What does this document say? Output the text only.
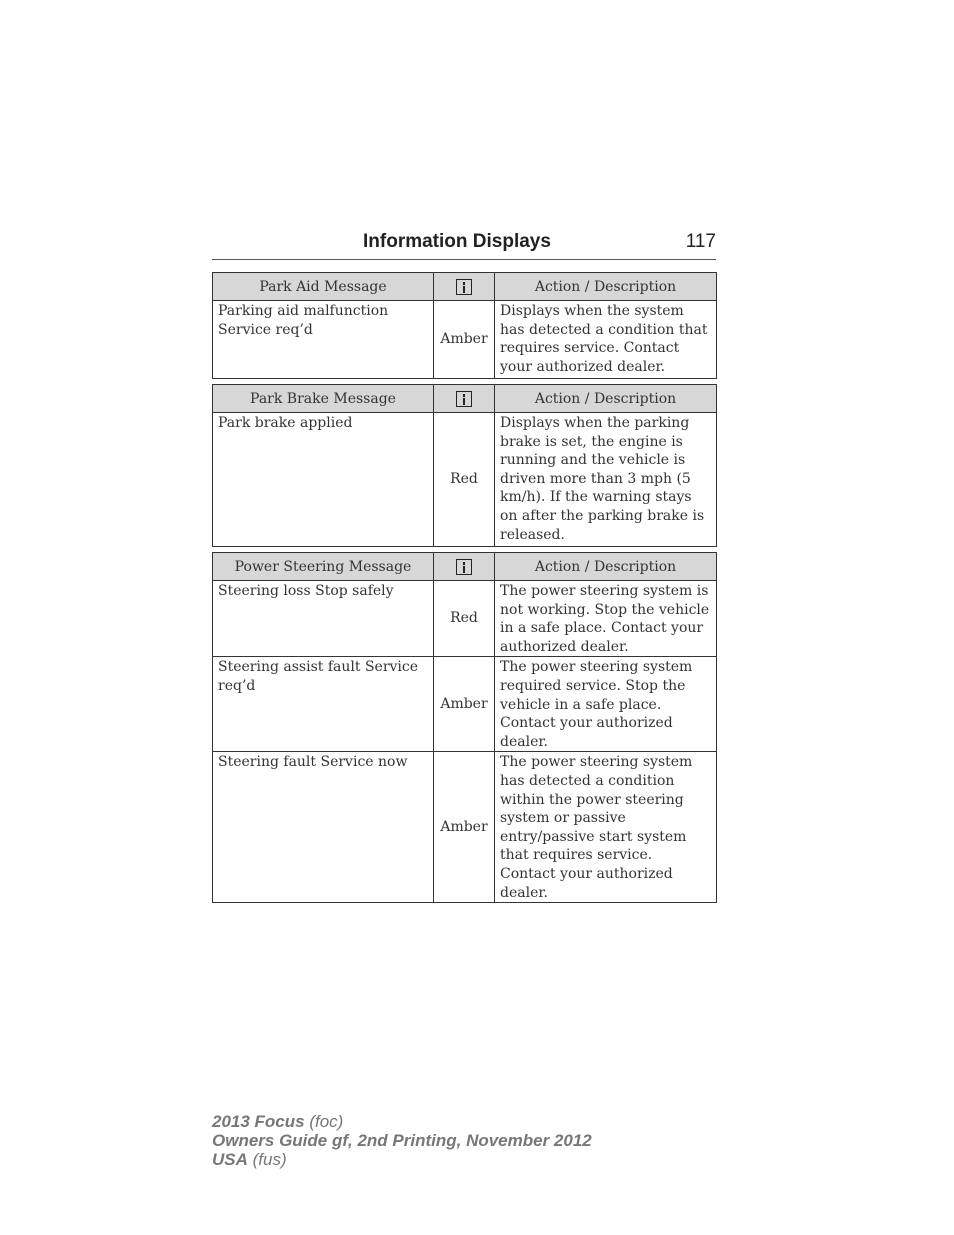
Information Displays	117
Park Aid Message		Action / Description
Parking aid malfunction Service req’d	Amber	Displays when the system has detected a condition that requires service. Contact your authorized dealer.
Park Brake Message		Action / Description
Park brake applied	Red	Displays when the parking brake is set, the engine is running and the vehicle is driven more than 3 mph (5 km/h). If the warning stays on after the parking brake is released.
Power Steering Message		Action / Description
Steering loss Stop safely	Red	The power steering system is not working. Stop the vehicle in a safe place. Contact your authorized dealer.
Steering assist fault Service req’d	Amber	The power steering system required service. Stop the vehicle in a safe place. Contact your authorized dealer.
Steering fault Service now	Amber	The power steering system has detected a condition within the power steering system or passive entry/passive start system that requires service. Contact your authorized dealer.
2013 Focus (foc)
Owners Guide gf, 2nd Printing, November 2012
USA (fus)
